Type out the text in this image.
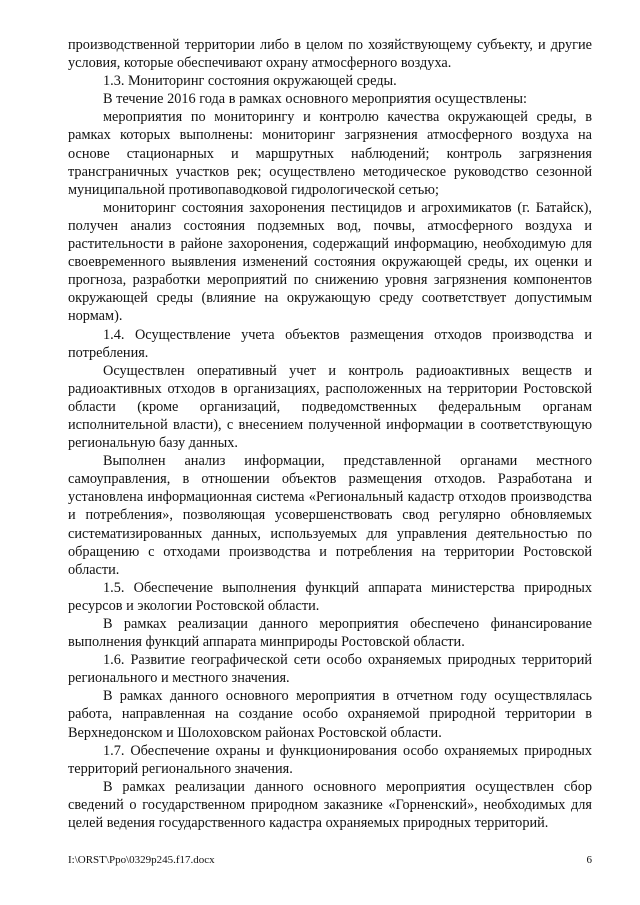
производственной территории либо в целом по хозяйствующему субъекту, и другие условия, которые обеспечивают охрану атмосферного воздуха.

1.3. Мониторинг состояния окружающей среды.

В течение 2016 года в рамках основного мероприятия осуществлены:

мероприятия по мониторингу и контролю качества окружающей среды, в рамках которых выполнены: мониторинг загрязнения атмосферного воздуха на основе стационарных и маршрутных наблюдений; контроль загрязнения трансграничных участков рек; осуществлено методическое руководство сезонной муниципальной противопаводковой гидрологической сетью;

мониторинг состояния захоронения пестицидов и агрохимикатов (г. Батайск), получен анализ состояния подземных вод, почвы, атмосферного воздуха и растительности в районе захоронения, содержащий информацию, необходимую для своевременного выявления изменений состояния окружающей среды, их оценки и прогноза, разработки мероприятий по снижению уровня загрязнения компонентов окружающей среды (влияние на окружающую среду соответствует допустимым нормам).

1.4. Осуществление учета объектов размещения отходов производства и потребления.

Осуществлен оперативный учет и контроль радиоактивных веществ и радиоактивных отходов в организациях, расположенных на территории Ростовской области (кроме организаций, подведомственных федеральным органам исполнительной власти), с внесением полученной информации в соответствующую региональную базу данных.

Выполнен анализ информации, представленной органами местного самоуправления, в отношении объектов размещения отходов. Разработана и установлена информационная система «Региональный кадастр отходов производства и потребления», позволяющая усовершенствовать свод регулярно обновляемых систематизированных данных, используемых для управления деятельностью по обращению с отходами производства и потребления на территории Ростовской области.

1.5. Обеспечение выполнения функций аппарата министерства природных ресурсов и экологии Ростовской области.

В рамках реализации данного мероприятия обеспечено финансирование выполнения функций аппарата минприроды Ростовской области.

1.6. Развитие географической сети особо охраняемых природных территорий регионального и местного значения.

В рамках данного основного мероприятия в отчетном году осуществлялась работа, направленная на создание особо охраняемой природной территории в Верхнедонском и Шолоховском районах Ростовской области.

1.7. Обеспечение охраны и функционирования особо охраняемых природных территорий регионального значения.

В рамках реализации данного основного мероприятия осуществлен сбор сведений о государственном природном заказнике «Горненский», необходимых для целей ведения государственного кадастра охраняемых природных территорий.

I:\ORST\Ppo\0329p245.f17.docx	6
